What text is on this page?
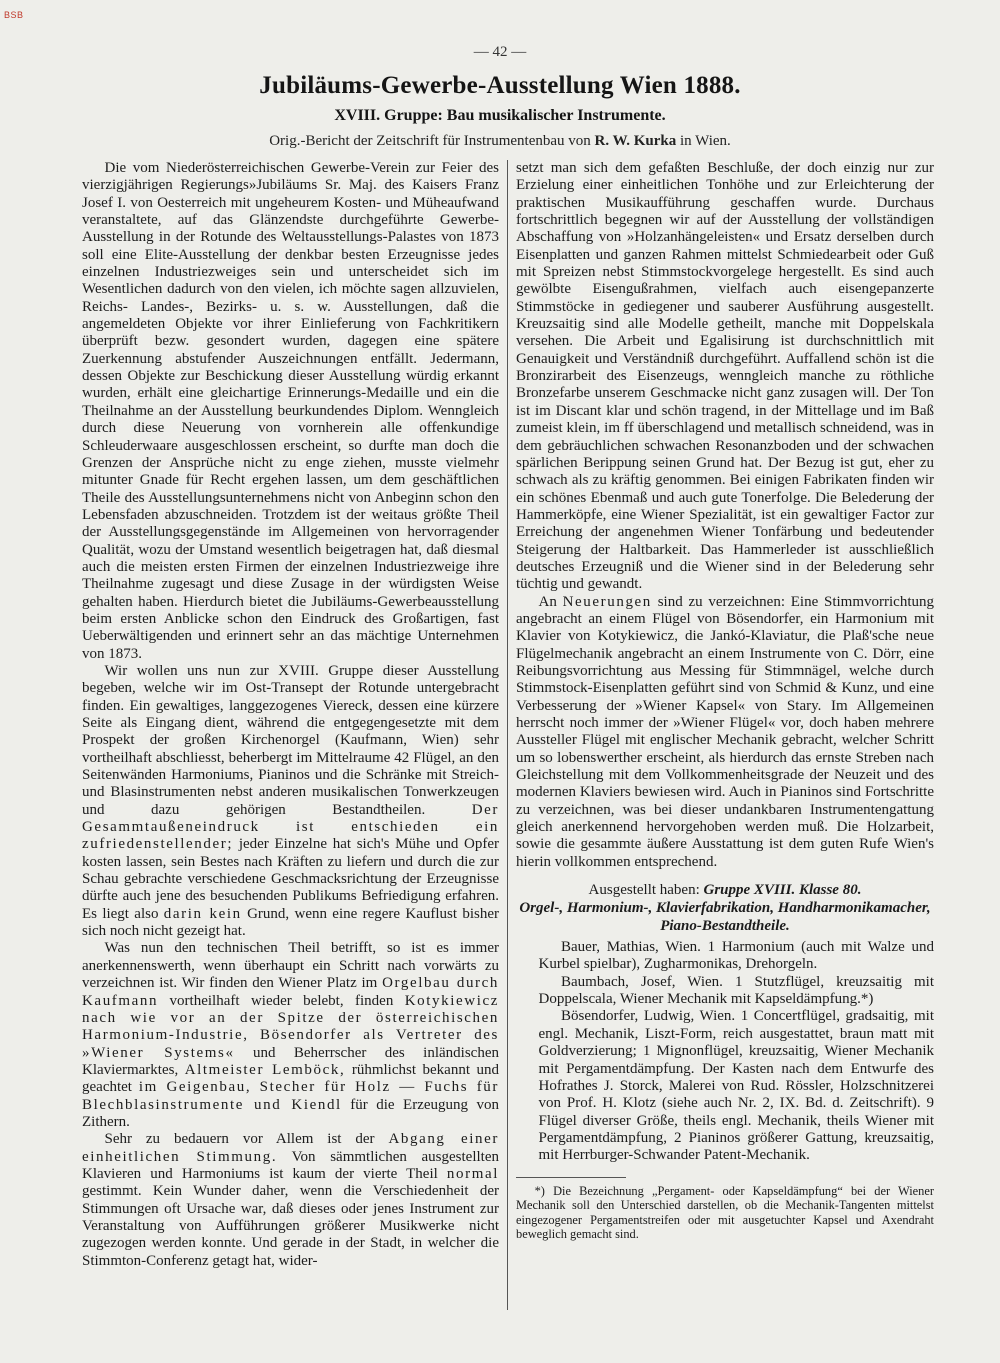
BSB
— 42 —
Jubiläums-Gewerbe-Ausstellung Wien 1888.
XVIII. Gruppe: Bau musikalischer Instrumente.
Orig.-Bericht der Zeitschrift für Instrumentenbau von R. W. Kurka in Wien.

Die vom Niederösterreichischen Gewerbe-Verein zur Feier des vierzigjährigen Regierungs»Jubiläums Sr. Maj. des Kaisers Franz Josef I. von Oesterreich mit ungeheurem Kosten- und Müheaufwand veranstaltete, auf das Glänzendste durchgeführte Gewerbe-Ausstellung in der Rotunde des Weltausstellungs-Palastes von 1873 soll eine Elite-Ausstellung der denkbar besten Erzeugnisse jedes einzelnen Industriezweiges sein und unterscheidet sich im Wesentlichen dadurch von den vielen, ich möchte sagen allzuvielen, Reichs- Landes-, Bezirks- u. s. w. Ausstellungen, daß die angemeldeten Objekte vor ihrer Einlieferung von Fachkritikern überprüft bezw. gesondert wurden, dagegen eine spätere Zuerkennung abstufender Auszeichnungen entfällt. Jedermann, dessen Objekte zur Beschickung dieser Ausstellung würdig erkannt wurden, erhält eine gleichartige Erinnerungs-Medaille und ein die Theilnahme an der Ausstellung beurkundendes Diplom. Wenngleich durch diese Neuerung von vornherein alle offenkundige Schleuderwaare ausgeschlossen erscheint, so durfte man doch die Grenzen der Ansprüche nicht zu enge ziehen, musste vielmehr mitunter Gnade für Recht ergehen lassen, um dem geschäftlichen Theile des Ausstellungsunternehmens nicht von Anbeginn schon den Lebensfaden abzuschneiden. Trotzdem ist der weitaus größte Theil der Ausstellungsgegenstände im Allgemeinen von hervorragender Qualität, wozu der Umstand wesentlich beigetragen hat, daß diesmal auch die meisten ersten Firmen der einzelnen Industriezweige ihre Theilnahme zugesagt und diese Zusage in der würdigsten Weise gehalten haben. Hierdurch bietet die Jubiläums-Gewerbeausstellung beim ersten Anblicke schon den Eindruck des Großartigen, fast Ueberwältigenden und erinnert sehr an das mächtige Unternehmen von 1873.

Wir wollen uns nun zur XVIII. Gruppe dieser Ausstellung begeben, welche wir im Ost-Transept der Rotunde untergebracht finden. Ein gewaltiges, langgezogenes Viereck, dessen eine kürzere Seite als Eingang dient, während die entgegengesetzte mit dem Prospekt der großen Kirchenorgel (Kaufmann, Wien) sehr vortheilhaft abschliesst, beherbergt im Mittelraume 42 Flügel, an den Seitenwänden Harmoniums, Pianinos und die Schränke mit Streich- und Blasinstrumenten nebst anderen musikalischen Tonwerkzeugen und dazu gehörigen Bestandtheilen.	Der Gesammtaußeneindruck ist entschieden ein zufriedenstellender; jeder Einzelne hat sich's Mühe und Opfer kosten lassen, sein Bestes nach Kräften zu liefern und durch die zur Schau gebrachte verschiedene Geschmacksrichtung der Erzeugnisse dürfte auch jene des besuchenden Publikums Befriedigung erfahren. Es liegt also darin kein Grund, wenn eine regere Kauflust bisher sich noch nicht gezeigt hat.

Was nun den technischen Theil betrifft, so ist es immer anerkennenswerth, wenn überhaupt ein Schritt nach vorwärts zu verzeichnen ist. Wir finden den Wiener Platz im Orgelbau durch Kaufmann vortheilhaft wieder belebt, finden Kotykiewicz nach wie vor an der Spitze der österreichischen Harmonium-Industrie, Bösendorfer als Vertreter des »Wiener Systems« und Beherrscher des inländischen Klaviermarktes, Altmeister Lemböck, rühmlichst bekannt und geachtet im Geigenbau, Stecher für Holz — Fuchs für Blechblasinstrumente und Kiendl für die Erzeugung von Zithern.

Sehr zu bedauern vor Allem ist der Abgang einer einheitlichen Stimmung. Von sämmtlichen ausgestellten Klavieren und Harmoniums ist kaum der vierte Theil normal gestimmt. Kein Wunder daher, wenn die Verschiedenheit der Stimmungen oft Ursache war, daß dieses oder jenes Instrument zur Veranstaltung von Aufführungen größerer Musikwerke nicht zugezogen werden konnte. Und gerade in der Stadt, in welcher die Stimmton-Conferenz getagt hat, wider-

setzt man sich dem gefaßten Beschluße, der doch einzig nur zur Erzielung einer einheitlichen Tonhöhe und zur Erleichterung der praktischen Musikaufführung geschaffen wurde. Durchaus fortschrittlich begegnen wir auf der Ausstellung der vollständigen Abschaffung von »Holzanhängeleisten« und Ersatz derselben durch Eisenplatten und ganzen Rahmen mittelst Schmiedearbeit oder Guß mit Spreizen nebst Stimmstockvorgelege hergestellt. Es sind auch gewölbte Eisengußrahmen, vielfach auch eisengepanzerte Stimmstöcke in gediegener und sauberer Ausführung ausgestellt. Kreuzsaitig sind alle Modelle getheilt, manche mit Doppelskala versehen. Die Arbeit und Egalisirung ist durchschnittlich mit Genauigkeit und Verständniß durchgeführt. Auffallend schön ist die Bronzirarbeit des Eisenzeugs, wenngleich manche zu röthliche Bronzefarbe unserem Geschmacke nicht ganz zusagen will. Der Ton ist im Discant klar und schön tragend, in der Mittellage und im Baß zumeist klein, im ff überschlagend und metallisch schneidend, was in dem gebräuchlichen schwachen Resonanzboden und der schwachen spärlichen Berippung seinen Grund hat. Der Bezug ist gut, eher zu schwach als zu kräftig genommen. Bei einigen Fabrikaten finden wir ein schönes Ebenmaß und auch gute Tonerfolge. Die Belederung der Hammerköpfe, eine Wiener Spezialität, ist ein gewaltiger Factor zur Erreichung der angenehmen Wiener Tonfärbung und bedeutender Steigerung der Haltbarkeit. Das Hammerleder ist ausschließlich deutsches Erzeugniß und die Wiener sind in der Belederung sehr tüchtig und gewandt.

An Neuerungen sind zu verzeichnen: Eine Stimmvorrichtung angebracht an einem Flügel von Bösendorfer, ein Harmonium mit Klavier von Kotykiewicz, die Jankó-Klaviatur, die Plaß'sche neue Flügelmechanik angebracht an einem Instrumente von C. Dörr, eine Reibungsvorrichtung aus Messing für Stimmnägel, welche durch Stimmstock-Eisenplatten geführt sind von Schmid & Kunz, und eine Verbesserung der »Wiener Kapsel« von Stary. Im Allgemeinen herrscht noch immer der »Wiener Flügel« vor, doch haben mehrere Aussteller Flügel mit englischer Mechanik gebracht, welcher Schritt um so lobenswerther erscheint, als hierdurch das ernste Streben nach Gleichstellung mit dem Vollkommenheitsgrade der Neuzeit und des modernen Klaviers bewiesen wird. Auch in Pianinos sind Fortschritte zu verzeichnen, was bei dieser undankbaren Instrumentengattung gleich anerkennend hervorgehoben werden muß. Die Holzarbeit, sowie die gesammte äußere Ausstattung ist dem guten Rufe Wien's hierin vollkommen entsprechend.

Ausgestellt haben: Gruppe XVIII. Klasse 80.
Orgel-, Harmonium-, Klavierfabrikation, Handharmonikamacher, Piano-Bestandtheile.

Bauer, Mathias, Wien. 1 Harmonium (auch mit Walze und Kurbel spielbar), Zugharmonikas, Drehorgeln.

Baumbach, Josef, Wien. 1 Stutzflügel, kreuzsaitig mit Doppelscala, Wiener Mechanik mit Kapseldämpfung.*)

Bösendorfer, Ludwig, Wien. 1 Concertflügel, gradsaitig, mit engl. Mechanik, Liszt-Form, reich ausgestattet, braun matt mit Goldverzierung; 1 Mignonflügel, kreuzsaitig, Wiener Mechanik mit Pergamentdämpfung. Der Kasten nach dem Entwurfe des Hofrathes J. Storck, Malerei von Rud. Rössler, Holzschnitzerei von Prof. H. Klotz (siehe auch Nr. 2, IX. Bd. d. Zeitschrift). 9 Flügel diverser Größe, theils engl. Mechanik, theils Wiener mit Pergamentdämpfung, 2 Pianinos größerer Gattung, kreuzsaitig, mit Herrburger-Schwander Patent-Mechanik.

*) Die Bezeichnung „Pergament- oder Kapseldämpfung“ bei der Wiener Mechanik soll den Unterschied darstellen, ob die Mechanik-Tangenten mittelst eingezogener Pergamentstreifen oder mit ausgetuchter Kapsel und Axendraht beweglich gemacht sind.
